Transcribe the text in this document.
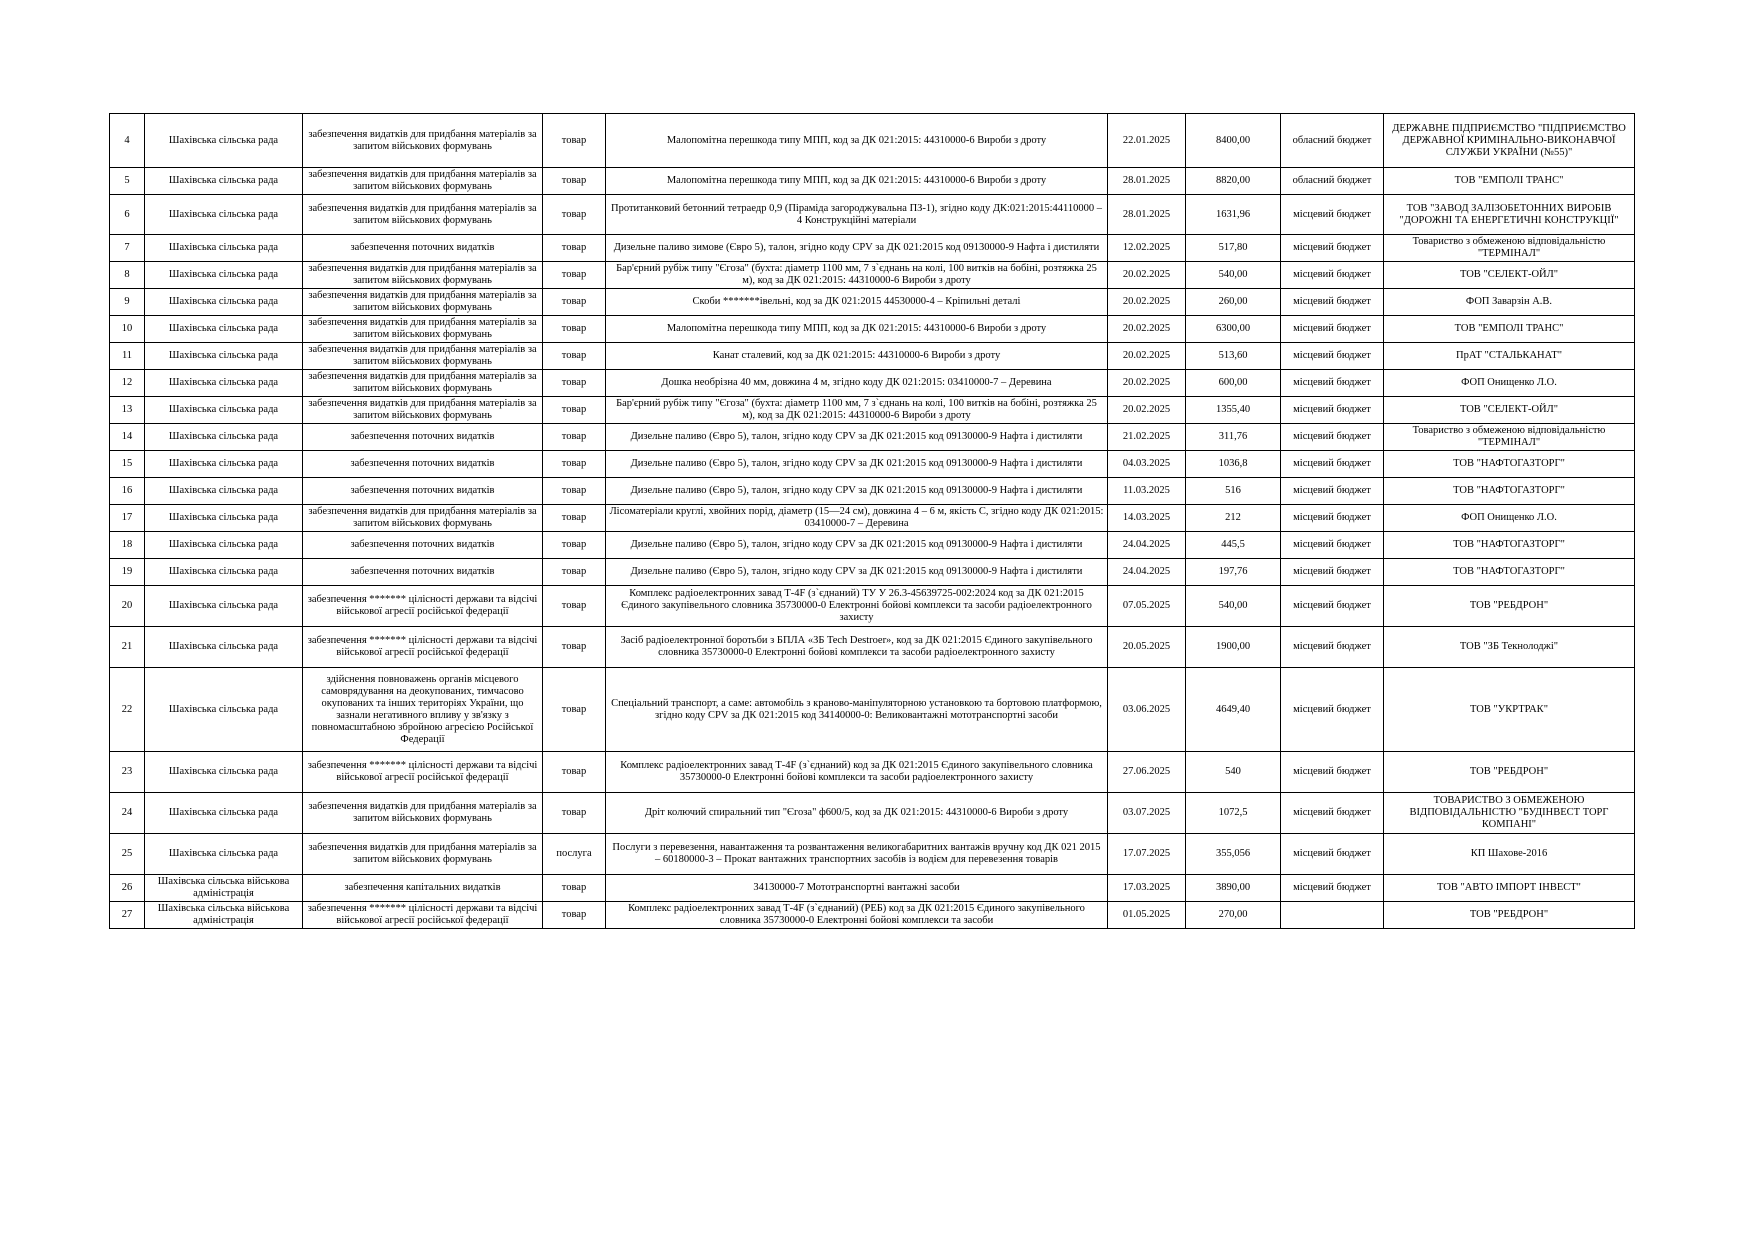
4	Шахівська сільська рада	забезпечення видатків для придбання матеріалів за запитом військових формувань	товар	Малопомітна перешкода типу МПП, код за ДК 021:2015: 44310000-6 Вироби з дроту	22.01.2025	8400,00	обласний бюджет	ДЕРЖАВНЕ ПІДПРИЄМСТВО "ПІДПРИЄМСТВО ДЕРЖАВНОЇ КРИМІНАЛЬНО-ВИКОНАВЧОЇ СЛУЖБИ УКРАЇНИ (№55)"
5	Шахівська сільська рада	забезпечення видатків для придбання матеріалів за запитом військових формувань	товар	Малопомітна перешкода типу МПП, код за ДК 021:2015: 44310000-6 Вироби з дроту	28.01.2025	8820,00	обласний бюджет	ТОВ "ЕМПОЛІ ТРАНС"
6	Шахівська сільська рада	забезпечення видатків для придбання матеріалів за запитом військових формувань	товар	Протитанковий бетонний тетраедр 0,9 (Піраміда загороджувальна ПЗ-1), згідно коду ДК:021:2015:44110000 – 4 Конструкційні матеріали	28.01.2025	1631,96	місцевий бюджет	ТОВ "ЗАВОД ЗАЛІЗОБЕТОННИХ ВИРОБІВ "ДОРОЖНІ ТА ЕНЕРГЕТИЧНІ КОНСТРУКЦІЇ"
7	Шахівська сільська рада	забезпечення поточних видатків	товар	Дизельне паливо зимове (Євро 5), талон, згідно коду CPV за ДК 021:2015 код 09130000-9 Нафта і дистиляти	12.02.2025	517,80	місцевий бюджет	Товариство з обмеженою відповідальністю "ТЕРМІНАЛ"
8	Шахівська сільська рада	забезпечення видатків для придбання матеріалів за запитом військових формувань	товар	Бар'єрний рубіж типу "Єгоза" (бухта: діаметр 1100 мм, 7 з`єднань на колі, 100 витків на бобіні, розтяжка 25 м), код за ДК 021:2015: 44310000-6 Вироби з дроту	20.02.2025	540,00	місцевий бюджет	ТОВ "СЕЛЕКТ-ОЙЛ"
9	Шахівська сільська рада	забезпечення видатків для придбання матеріалів за запитом військових формувань	товар	Скоби *******івельні, код за ДК 021:2015 44530000-4 – Кріпильні деталі	20.02.2025	260,00	місцевий бюджет	ФОП Заварзін А.В.
10	Шахівська сільська рада	забезпечення видатків для придбання матеріалів за запитом військових формувань	товар	Малопомітна перешкода типу МПП, код за ДК 021:2015: 44310000-6 Вироби з дроту	20.02.2025	6300,00	місцевий бюджет	ТОВ "ЕМПОЛІ ТРАНС"
11	Шахівська сільська рада	забезпечення видатків для придбання матеріалів за запитом військових формувань	товар	Канат сталевий, код за ДК 021:2015: 44310000-6 Вироби з дроту	20.02.2025	513,60	місцевий бюджет	ПрАТ "СТАЛЬКАНАТ"
12	Шахівська сільська рада	забезпечення видатків для придбання матеріалів за запитом військових формувань	товар	Дошка необрізна 40 мм, довжина 4 м, згідно коду ДК 021:2015: 03410000-7 – Деревина	20.02.2025	600,00	місцевий бюджет	ФОП Онищенко Л.О.
13	Шахівська сільська рада	забезпечення видатків для придбання матеріалів за запитом військових формувань	товар	Бар'єрний рубіж типу "Єгоза" (бухта: діаметр 1100 мм, 7 з`єднань на колі, 100 витків на бобіні, розтяжка 25 м), код за ДК 021:2015: 44310000-6 Вироби з дроту	20.02.2025	1355,40	місцевий бюджет	ТОВ "СЕЛЕКТ-ОЙЛ"
14	Шахівська сільська рада	забезпечення поточних видатків	товар	Дизельне паливо (Євро 5), талон, згідно коду CPV за ДК 021:2015 код 09130000-9 Нафта і дистиляти	21.02.2025	311,76	місцевий бюджет	Товариство з обмеженою відповідальністю "ТЕРМІНАЛ"
15	Шахівська сільська рада	забезпечення поточних видатків	товар	Дизельне паливо (Євро 5), талон, згідно коду CPV за ДК 021:2015 код 09130000-9 Нафта і дистиляти	04.03.2025	1036,8	місцевий бюджет	ТОВ "НАФТОГАЗТОРГ"
16	Шахівська сільська рада	забезпечення поточних видатків	товар	Дизельне паливо (Євро 5), талон, згідно коду CPV за ДК 021:2015 код 09130000-9 Нафта і дистиляти	11.03.2025	516	місцевий бюджет	ТОВ "НАФТОГАЗТОРГ"
17	Шахівська сільська рада	забезпечення видатків для придбання матеріалів за запитом військових формувань	товар	Лісоматеріали круглі, хвойних порід, діаметр (15—24 см), довжина 4 – 6 м, якість С, згідно коду ДК 021:2015: 03410000-7 – Деревина	14.03.2025	212	місцевий бюджет	ФОП Онищенко Л.О.
18	Шахівська сільська рада	забезпечення поточних видатків	товар	Дизельне паливо (Євро 5), талон, згідно коду CPV за ДК 021:2015 код 09130000-9 Нафта і дистиляти	24.04.2025	445,5	місцевий бюджет	ТОВ "НАФТОГАЗТОРГ"
19	Шахівська сільська рада	забезпечення поточних видатків	товар	Дизельне паливо (Євро 5), талон, згідно коду CPV за ДК 021:2015 код 09130000-9 Нафта і дистиляти	24.04.2025	197,76	місцевий бюджет	ТОВ "НАФТОГАЗТОРГ"
20	Шахівська сільська рада	забезпечення ******* цілісності держави та відсічі військової агресії російської федерації	товар	Комплекс радіоелектронних завад Т-4F (з`єднаний) ТУ У 26.3-45639725-002:2024 код за ДК 021:2015 Єдиного закупівельного словника 35730000-0 Електронні бойові комплекси та засоби радіоелектронного захисту	07.05.2025	540,00	місцевий бюджет	ТОВ "РЕБДРОН"
21	Шахівська сільська рада	забезпечення ******* цілісності держави та відсічі військової агресії російської федерації	товар	Засіб радіоелектронної боротьби з БПЛА «ЗБ Tech Destroer», код за ДК 021:2015 Єдиного закупівельного словника 35730000-0 Електронні бойові комплекси та засоби радіоелектронного захисту	20.05.2025	1900,00	місцевий бюджет	ТОВ "ЗБ Текнолоджі"
22	Шахівська сільська рада	здійснення повноважень органів місцевого самоврядування на деокупованих, тимчасово окупованих та інших територіях України, що зазнали негативного впливу у зв'язку з повномасштабною збройною агресією Російської Федерації	товар	Спеціальний транспорт, а саме: автомобіль з краново-маніпуляторною установкою та бортовою платформою, згідно коду CPV за ДК 021:2015 код 34140000-0: Великовантажні мототранспортні засоби	03.06.2025	4649,40	місцевий бюджет	ТОВ "УКРТРАК"
23	Шахівська сільська рада	забезпечення ******* цілісності держави та відсічі військової агресії російської федерації	товар	Комплекс радіоелектронних завад Т-4F (з`єднаний) код за ДК 021:2015 Єдиного закупівельного словника 35730000-0 Електронні бойові комплекси та засоби радіоелектронного захисту	27.06.2025	540	місцевий бюджет	ТОВ "РЕБДРОН"
24	Шахівська сільська рада	забезпечення видатків для придбання матеріалів за запитом військових формувань	товар	Дріт колючий спиральний тип "Єгоза" ф600/5, код за ДК 021:2015: 44310000-6 Вироби з дроту	03.07.2025	1072,5	місцевий бюджет	ТОВАРИСТВО З ОБМЕЖЕНОЮ ВІДПОВІДАЛЬНІСТЮ "БУДІНВЕСТ ТОРГ КОМПАНІ"
25	Шахівська сільська рада	забезпечення видатків для придбання матеріалів за запитом військових формувань	послуга	Послуги з перевезення, навантаження та розвантаження великогабаритних вантажів вручну код ДК 021 2015 – 60180000-3 – Прокат вантажних транспортних засобів із водієм для перевезення товарів	17.07.2025	355,056	місцевий бюджет	КП Шахове-2016
26	Шахівська сільська військова адміністрація	забезпечення капітальних видатків	товар	34130000-7 Мототранспортні вантажні засоби	17.03.2025	3890,00	місцевий бюджет	ТОВ "АВТО ІМПОРТ ІНВЕСТ"
27	Шахівська сільська військова адміністрація	забезпечення ******* цілісності держави та відсічі військової агресії російської федерації	товар	Комплекс радіоелектронних завад Т-4F (з`єднаний) (РЕБ) код за ДК 021:2015 Єдиного закупівельного словника 35730000-0 Електронні бойові комплекси та засоби	01.05.2025	270,00		ТОВ "РЕБДРОН"
